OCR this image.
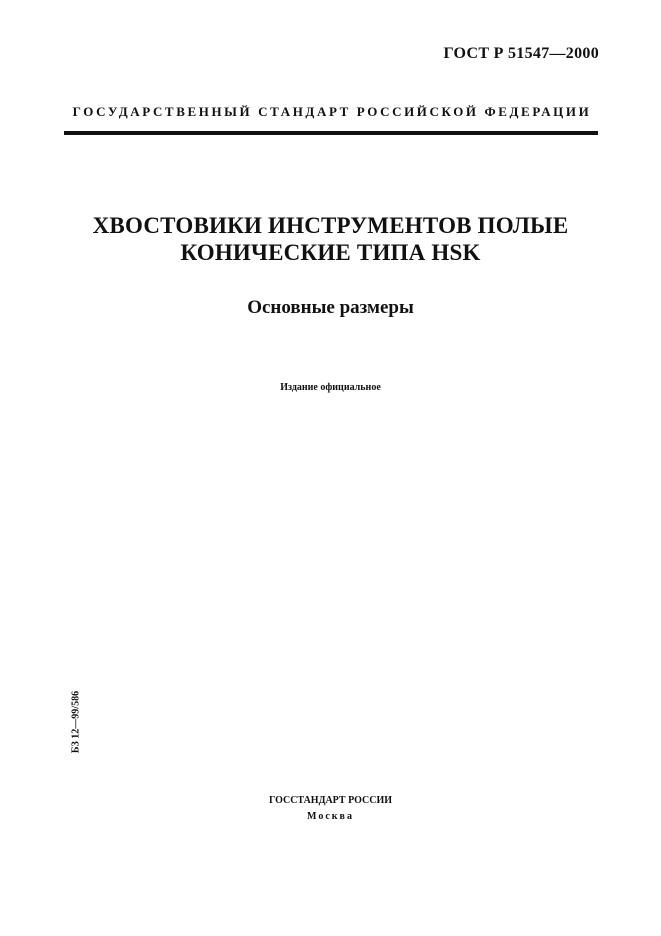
ГОСТ Р 51547—2000
ГОСУДАРСТВЕННЫЙ СТАНДАРТ РОССИЙСКОЙ ФЕДЕРАЦИИ
ХВОСТОВИКИ ИНСТРУМЕНТОВ ПОЛЫЕ
КОНИЧЕСКИЕ ТИПА HSK
Основные размеры
Издание официальное
БЗ 12—99/586
ГОССТАНДАРТ РОССИИ
Москва
